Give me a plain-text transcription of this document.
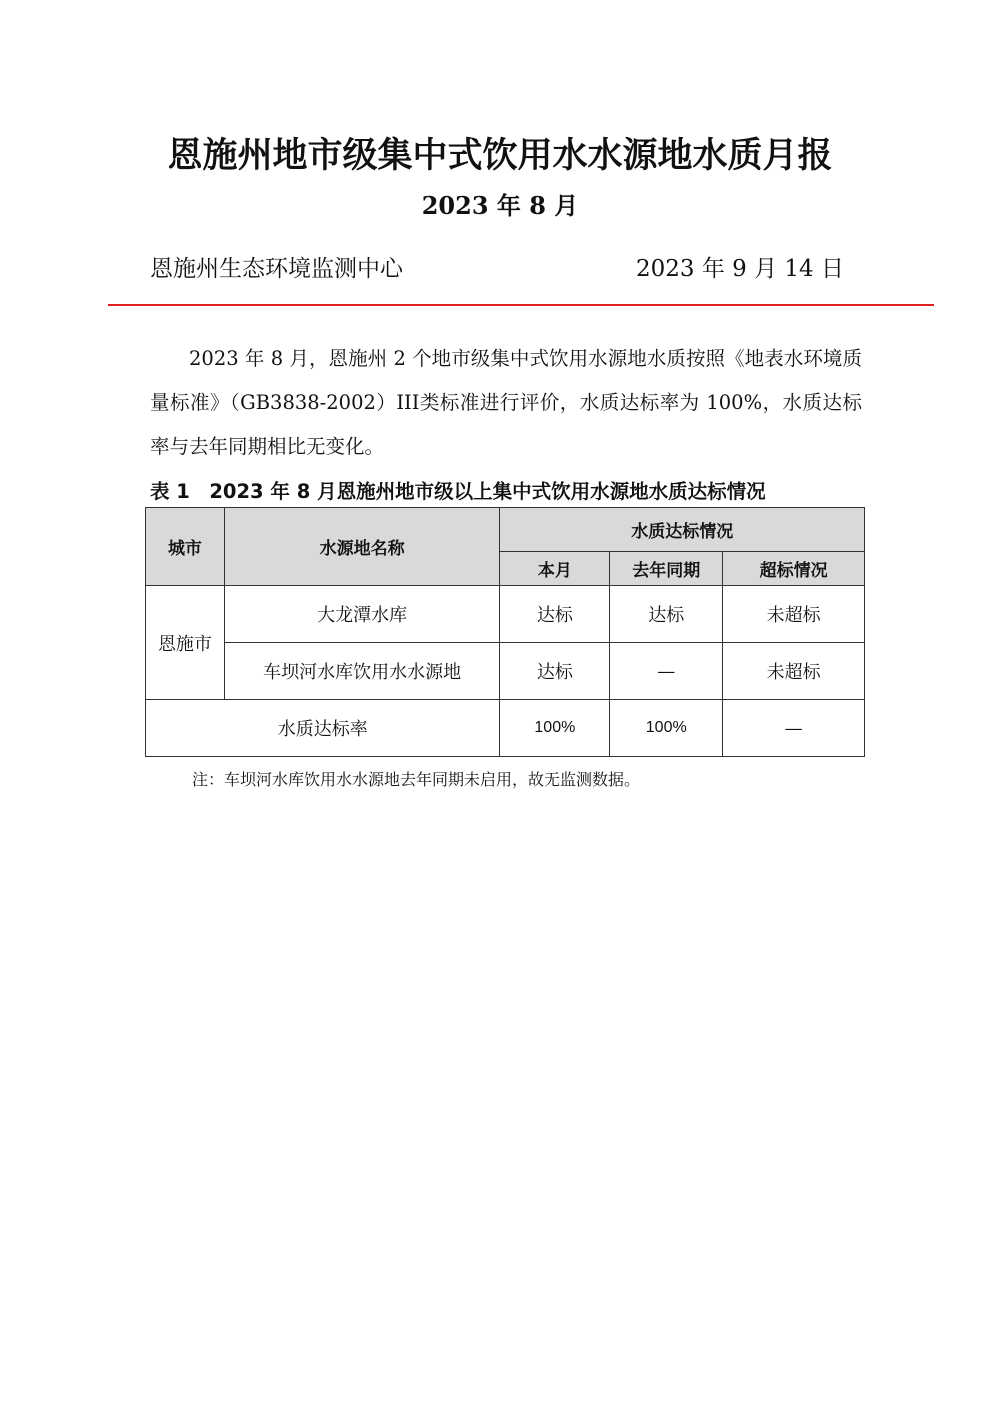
恩施州地市级集中式饮用水水源地水质月报
2023 年 8 月
恩施州生态环境监测中心	2023 年 9 月 14 日
2023 年 8 月，恩施州 2 个地市级集中式饮用水源地水质按照《地表水环境质量标准》（GB3838-2002）III类标准进行评价，水质达标率为 100%，水质达标率与去年同期相比无变化。
表 1　2023 年 8 月恩施州地市级以上集中式饮用水源地水质达标情况
城市	水源地名称	水质达标情况		
		本月	去年同期	超标情况
恩施市	大龙潭水库	达标	达标	未超标
	车坝河水库饮用水水源地	达标	—	未超标
水质达标率		100%	100%	—
注：车坝河水库饮用水水源地去年同期未启用，故无监测数据。
